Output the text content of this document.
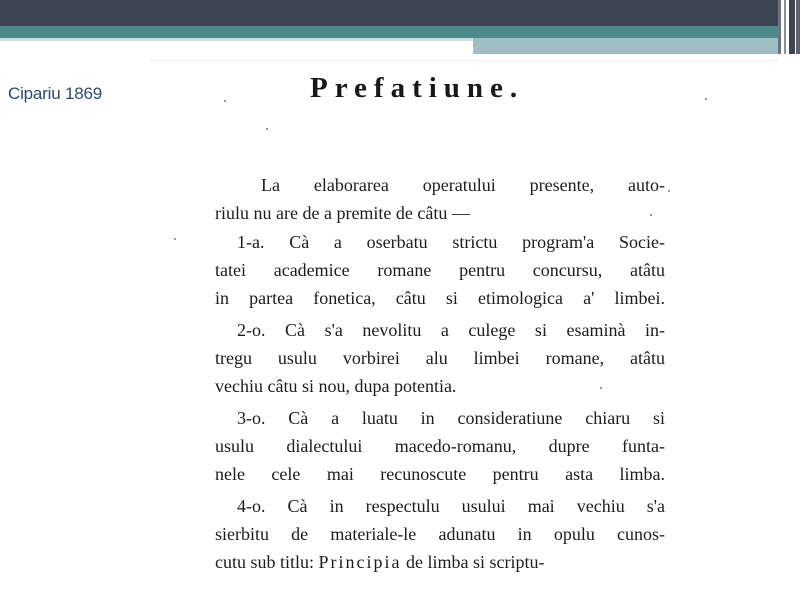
Cipariu 1869	Prefatiune.
La elaborarea operatului presente, auto-
riulu nu are de a premite de câtu —
1-a. Cà a oserbatu strictu program'a Socie-
tatei academice romane pentru concursu, atâtu
in partea fonetica, câtu si etimologica a' limbei.
2-o. Cà s'a nevolitu a culege si esaminà in-
tregu usulu vorbirei alu limbei romane, atâtu
vechiu câtu si nou, dupa potentia.
3-o. Cà a luatu in consideratiune chiaru si
usulu dialectului macedo-romanu, dupre funta-
nele cele mai recunoscute pentru asta limba.
4-o. Cà in respectulu usului mai vechiu s'a
sierbitu de materiale-le adunatu in opulu cunos-
cutu sub titlu: Principia de limba si scriptu-
